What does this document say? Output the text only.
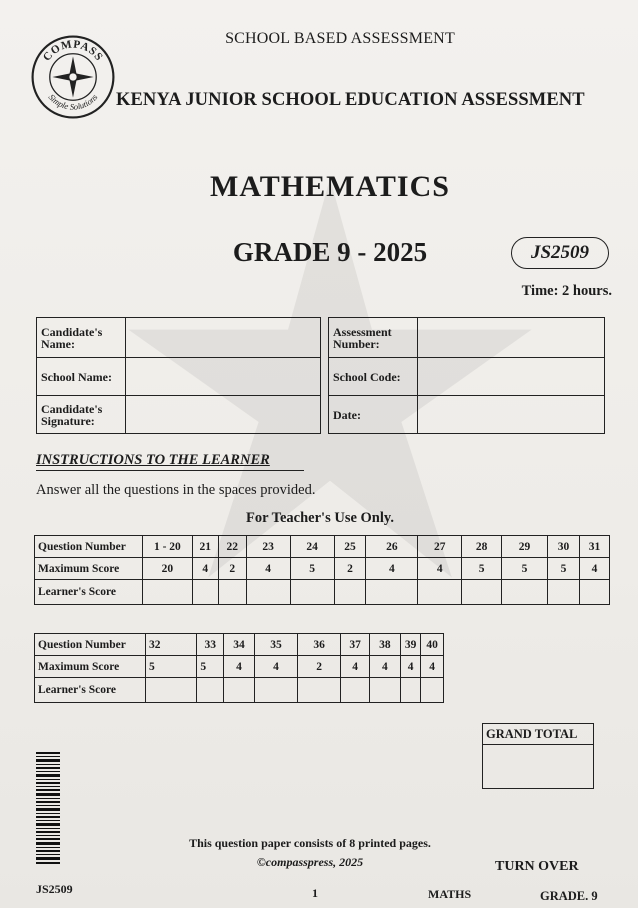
COMPASS
Simple Solutions
SCHOOL BASED ASSESSMENT
KENYA JUNIOR SCHOOL EDUCATION ASSESSMENT
MATHEMATICS
GRADE 9 - 2025	JS2509
Time: 2 hours.
Candidate's Name:	
School Name:	
Candidate's Signature:	
Assessment Number:	
School Code:	
Date:	
INSTRUCTIONS TO THE LEARNER
Answer all the questions in the spaces provided.
For Teacher's Use Only.
Question Number	1 - 20	21	22	23	24	25	26	27	28	29	30	31
Maximum Score	20	4	2	4	5	2	4	4	5	5	5	4
Learner's Score												
Question Number	32	33	34	35	36	37	38	39	40
Maximum Score	5	5	4	4	2	4	4	4	4
Learner's Score									
GRAND TOTAL
This question paper consists of 8 printed pages.
©compasspress, 2025	TURN OVER
JS2509	1	MATHS	GRADE. 9
